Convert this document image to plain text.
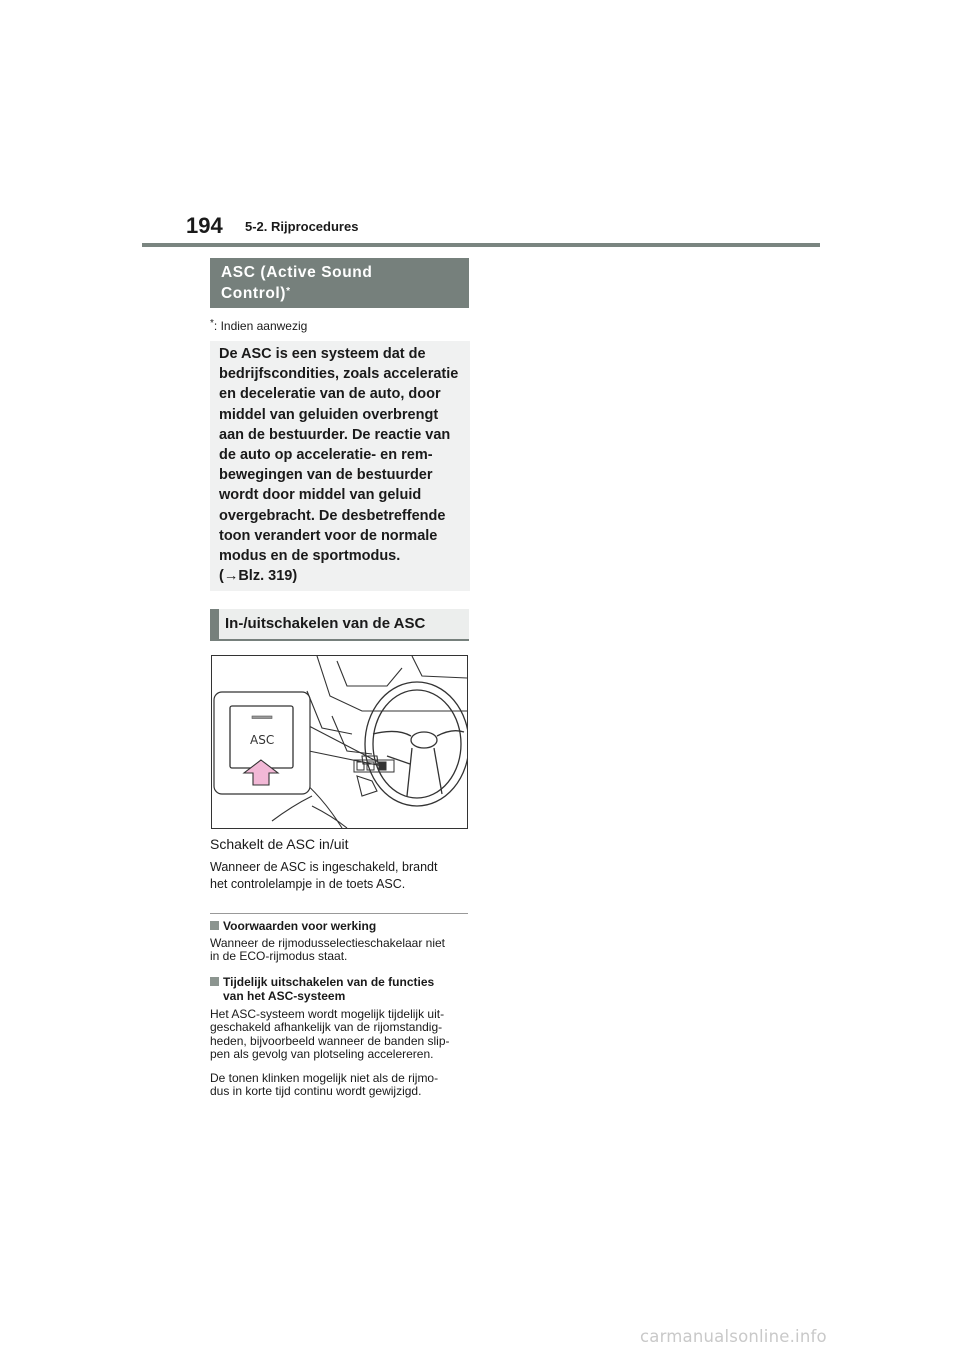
194 5-2. Rijprocedures
ASC (Active Sound
Control)*
*: Indien aanwezig
De ASC is een systeem dat de
bedrijfscondities, zoals acceleratie
en deceleratie van de auto, door
middel van geluiden overbrengt
aan de bestuurder. De reactie van
de auto op acceleratie- en rem-
bewegingen van de bestuurder
wordt door middel van geluid
overgebracht. De desbetreffende
toon verandert voor de normale
modus en de sportmodus.
(→Blz. 319)
In-/uitschakelen van de ASC
ASC
Schakelt de ASC in/uit
Wanneer de ASC is ingeschakeld, brandt
het controlelampje in de toets ASC.
Voorwaarden voor werking
Wanneer de rijmodusselectieschakelaar niet
in de ECO-rijmodus staat.
Tijdelijk uitschakelen van de functies
van het ASC-systeem
Het ASC-systeem wordt mogelijk tijdelijk uit-
geschakeld afhankelijk van de rijomstandig-
heden, bijvoorbeeld wanneer de banden slip-
pen als gevolg van plotseling accelereren.
De tonen klinken mogelijk niet als de rijmo-
dus in korte tijd continu wordt gewijzigd.
carmanualsonline.info
